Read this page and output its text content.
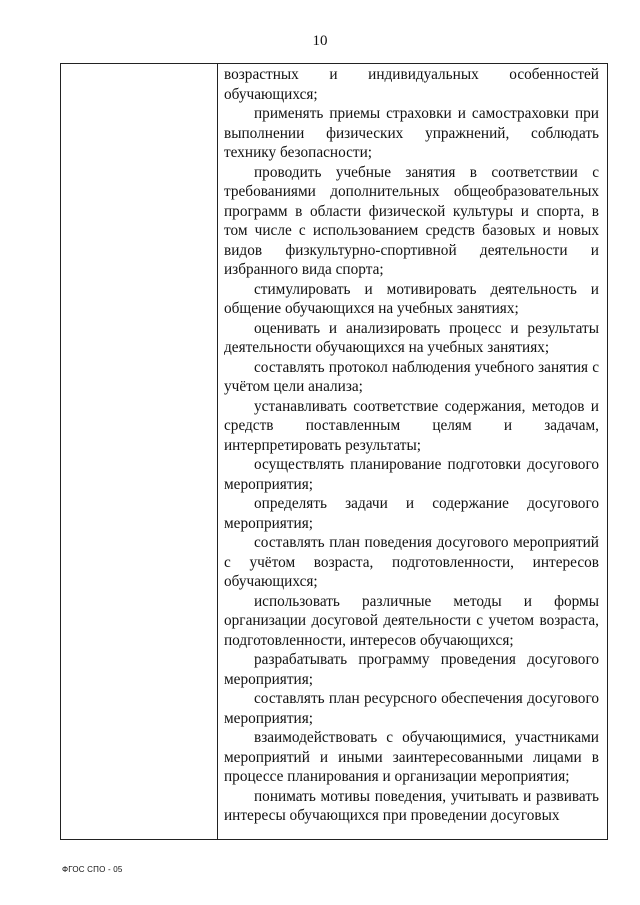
10

возрастных и индивидуальных особенностей обучающихся;

применять приемы страховки и самостраховки при выполнении физических упражнений, соблюдать технику безопасности;

проводить учебные занятия в соответствии с требованиями дополнительных общеобразовательных программ в области физической культуры и спорта, в том числе с использованием средств базовых и новых видов физкультурно-спортивной деятельности и избранного вида спорта;

стимулировать и мотивировать деятельность и общение обучающихся на учебных занятиях;

оценивать и анализировать процесс и результаты деятельности обучающихся на учебных занятиях;

составлять протокол наблюдения учебного занятия с учётом цели анализа;

устанавливать соответствие содержания, методов и средств поставленным целям и задачам, интерпретировать результаты;

осуществлять планирование подготовки досугового мероприятия;

определять задачи и содержание досугового мероприятия;

составлять план поведения досугового мероприятий с учётом возраста, подготовленности, интересов обучающихся;

использовать различные методы и формы организации досуговой деятельности с учетом возраста, подготовленности, интересов обучающихся;

разрабатывать программу проведения досугового мероприятия;

составлять план ресурсного обеспечения досугового мероприятия;

взаимодействовать с обучающимися, участниками мероприятий и иными заинтересованными лицами в процессе планирования и организации мероприятия;

понимать мотивы поведения, учитывать и развивать интересы обучающихся при проведении досуговых

ФГОС СПО - 05
